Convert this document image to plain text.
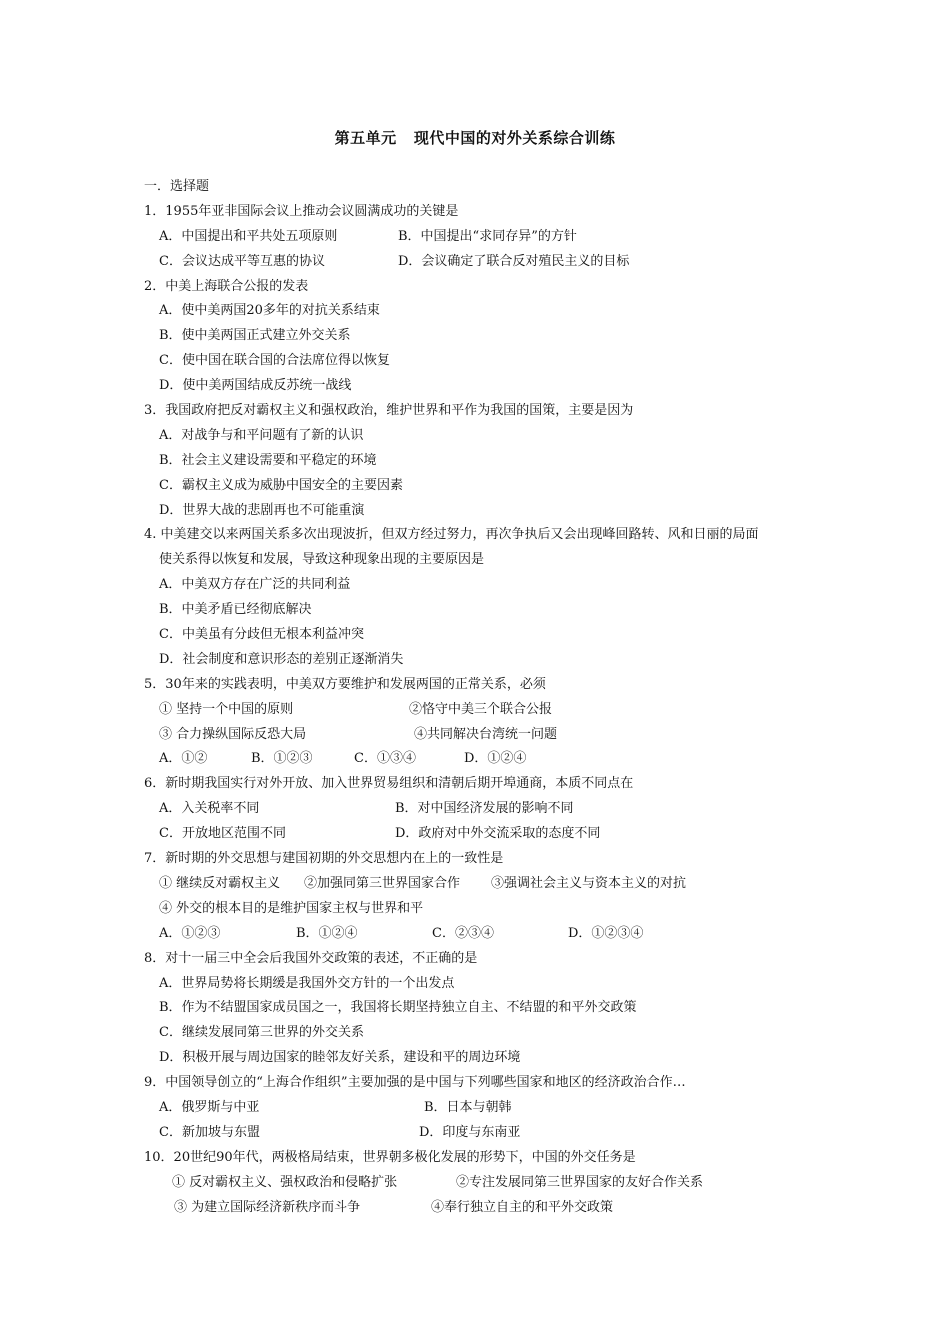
第五单元   现代中国的对外关系综合训练
一．选择题
1．1955年亚非国际会议上推动会议圆满成功的关键是
A．中国提出和平共处五项原则	B．中国提出“求同存异”的方针
C．会议达成平等互惠的协议	D．会议确定了联合反对殖民主义的目标
2．中美上海联合公报的发表
A．使中美两国20多年的对抗关系结束
B．使中美两国正式建立外交关系
C．使中国在联合国的合法席位得以恢复
D．使中美两国结成反苏统一战线
3．我国政府把反对霸权主义和强权政治，维护世界和平作为我国的国策，主要是因为
A．对战争与和平问题有了新的认识
B．社会主义建设需要和平稳定的环境
C．霸权主义成为威胁中国安全的主要因素
D．世界大战的悲剧再也不可能重演
4. 中美建交以来两国关系多次出现波折，但双方经过努力，再次争执后又会出现峰回路转、风和日丽的局面
使关系得以恢复和发展，导致这种现象出现的主要原因是
A．中美双方存在广泛的共同利益
B．中美矛盾已经彻底解决
C．中美虽有分歧但无根本利益冲突
D．社会制度和意识形态的差别正逐渐消失
5．30年来的实践表明，中美双方要维护和发展两国的正常关系，必须
① 坚持一个中国的原则	②恪守中美三个联合公报
③ 合力操纵国际反恐大局	④共同解决台湾统一问题
A．①②	B．①②③	C．①③④	D．①②④
6．新时期我国实行对外开放、加入世界贸易组织和清朝后期开埠通商，本质不同点在
A．入关税率不同	B．对中国经济发展的影响不同
C．开放地区范围不同	D．政府对中外交流采取的态度不同
7．新时期的外交思想与建国初期的外交思想内在上的一致性是
① 继续反对霸权主义 ②加强同第三世界国家合作 ③强调社会主义与资本主义的对抗
④ 外交的根本目的是维护国家主权与世界和平
A．①②③	B．①②④	C．②③④	D．①②③④
8．对十一届三中全会后我国外交政策的表述，不正确的是
A．世界局势将长期缓是我国外交方针的一个出发点
B．作为不结盟国家成员国之一，我国将长期坚持独立自主、不结盟的和平外交政策
C．继续发展同第三世界的外交关系
D．积极开展与周边国家的睦邻友好关系，建设和平的周边环境
9．中国领导创立的“上海合作组织”主要加强的是中国与下列哪些国家和地区的经济政治合作…
A．俄罗斯与中亚	B．日本与朝韩
C．新加坡与东盟	D．印度与东南亚
10．20世纪90年代，两极格局结束，世界朝多极化发展的形势下，中国的外交任务是
① 反对霸权主义、强权政治和侵略扩张	②专注发展同第三世界国家的友好合作关系
③ 为建立国际经济新秩序而斗争	④奉行独立自主的和平外交政策
